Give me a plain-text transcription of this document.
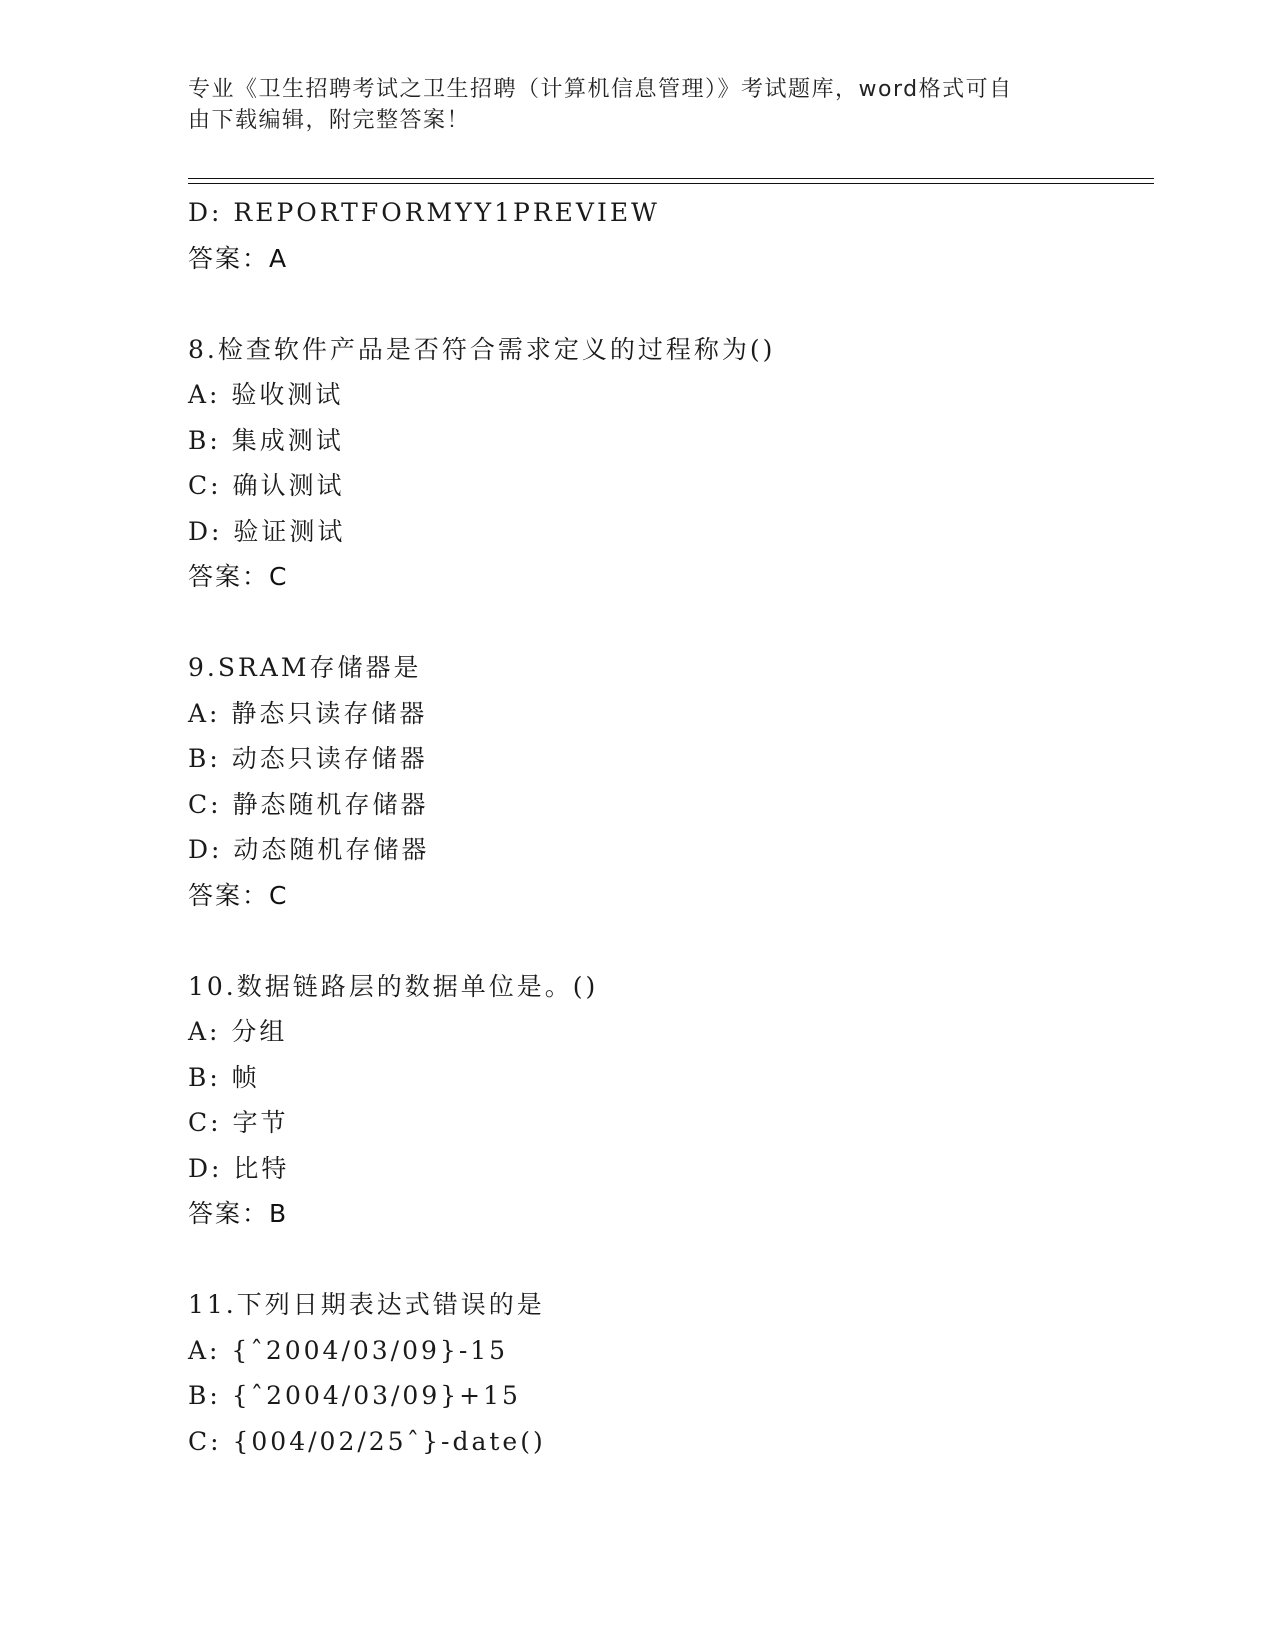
专业《卫生招聘考试之卫生招聘（计算机信息管理）》考试题库，word格式可自
由下载编辑，附完整答案！
D: REPORTFORMYY1PREVIEW
答案：A
8.检查软件产品是否符合需求定义的过程称为()
A: 验收测试
B: 集成测试
C: 确认测试
D: 验证测试
答案：C
9.SRAM存储器是
A: 静态只读存储器
B: 动态只读存储器
C: 静态随机存储器
D: 动态随机存储器
答案：C
10.数据链路层的数据单位是。()
A: 分组
B: 帧
C: 字节
D: 比特
答案：B
11.下列日期表达式错误的是
A: {ˆ2004/03/09}-15
B: {ˆ2004/03/09}+15
C: {004/02/25ˆ}-date()
